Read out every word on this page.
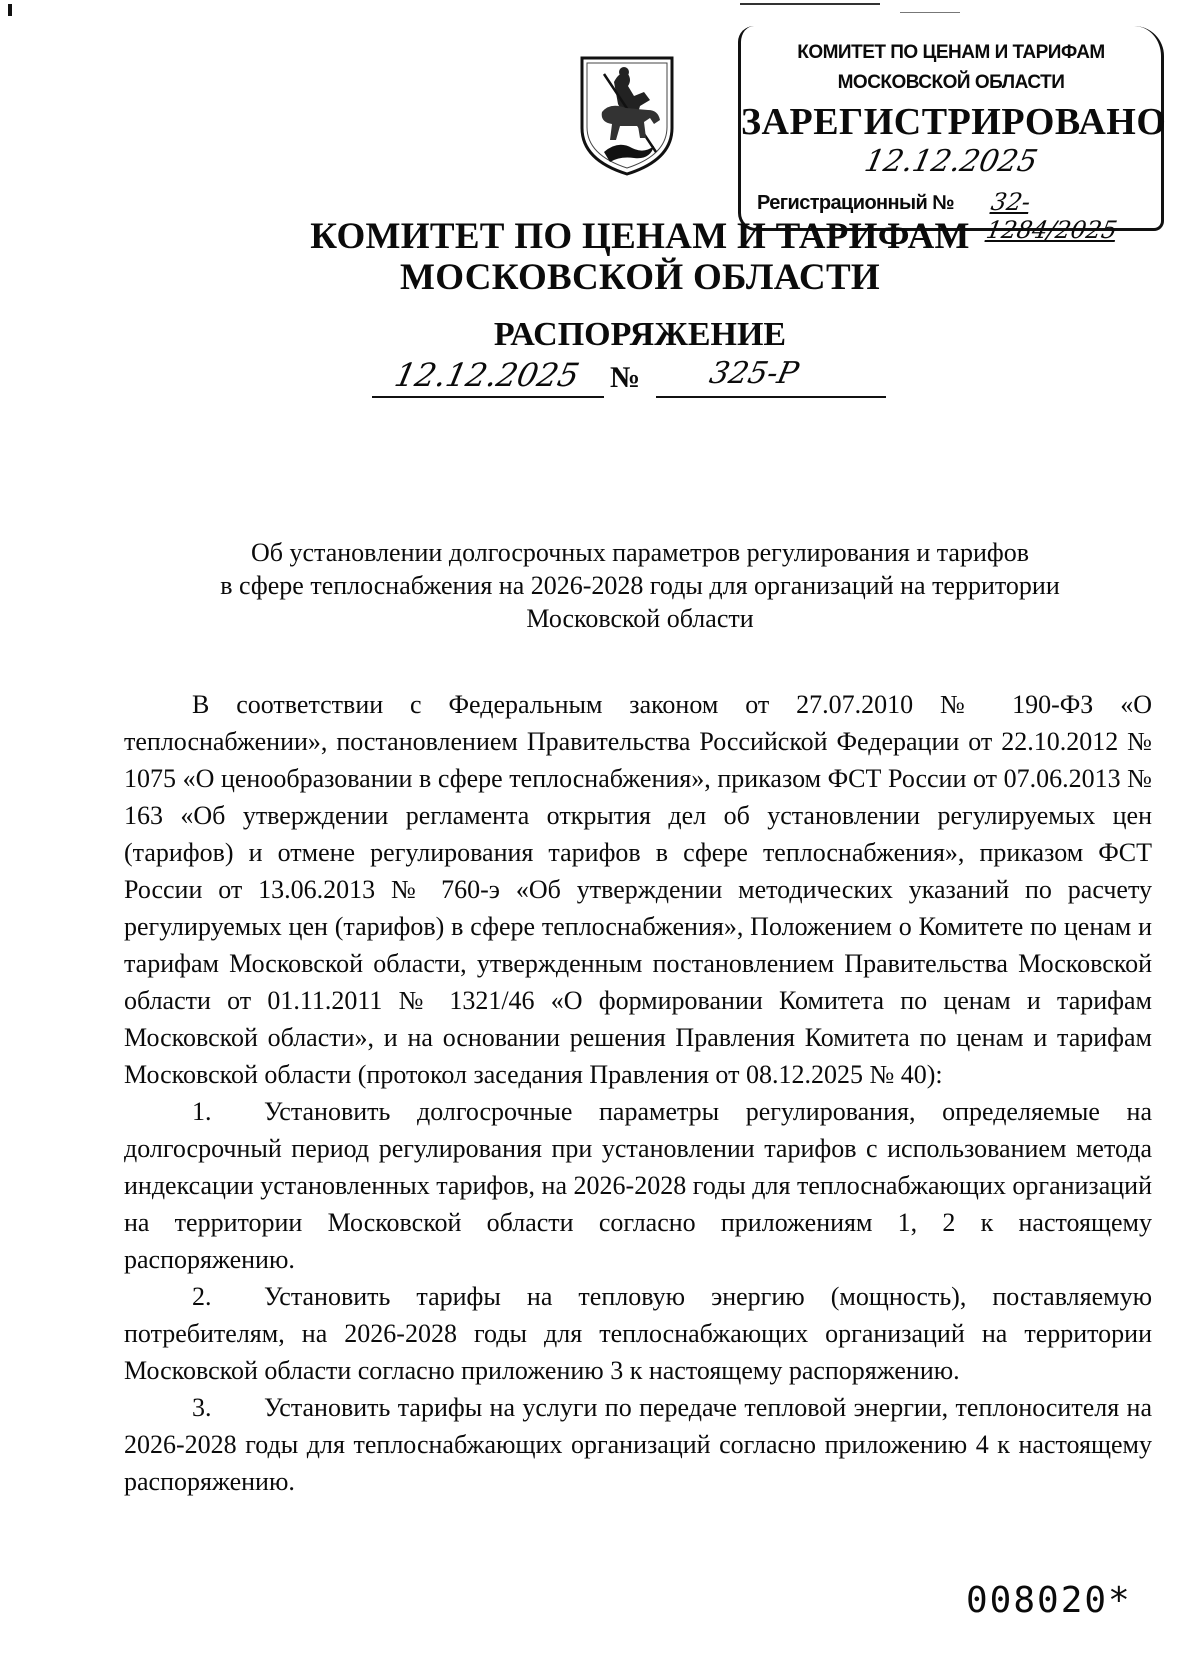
КОМИТЕТ ПО ЦЕНАМ И ТАРИФАМ
МОСКОВСКОЙ ОБЛАСТИ
ЗАРЕГИСТРИРОВАНО
12.12.2025
Регистрационный № 32-1284/2025
КОМИТЕТ ПО ЦЕНАМ И ТАРИФАМ
МОСКОВСКОЙ ОБЛАСТИ
РАСПОРЯЖЕНИЕ
12.12.2025 №	325-Р
Об установлении долгосрочных параметров регулирования и тарифов
в сфере теплоснабжения на 2026-2028 годы для организаций на территории
Московской области

В соответствии с Федеральным законом от 27.07.2010 № 190-ФЗ «О теплоснабжении», постановлением Правительства Российской Федерации от 22.10.2012 № 1075 «О ценообразовании в сфере теплоснабжения», приказом ФСТ России от 07.06.2013 № 163 «Об утверждении регламента открытия дел об установлении регулируемых цен (тарифов) и отмене регулирования тарифов в сфере теплоснабжения», приказом ФСТ России от 13.06.2013 № 760-э «Об утверждении методических указаний по расчету регулируемых цен (тарифов) в сфере теплоснабжения», Положением о Комитете по ценам и тарифам Московской области, утвержденным постановлением Правительства Московской области от 01.11.2011 № 1321/46 «О формировании Комитета по ценам и тарифам Московской области», и на основании решения Правления Комитета по ценам и тарифам Московской области (протокол заседания Правления от 08.12.2025 № 40):

1. Установить долгосрочные параметры регулирования, определяемые на долгосрочный период регулирования при установлении тарифов с использованием метода индексации установленных тарифов, на 2026-2028 годы для теплоснабжающих организаций на территории Московской области согласно приложениям 1, 2 к настоящему распоряжению.

2. Установить тарифы на тепловую энергию (мощность), поставляемую потребителям, на 2026-2028 годы для теплоснабжающих организаций на территории Московской области согласно приложению 3 к настоящему распоряжению.

3. Установить тарифы на услуги по передаче тепловой энергии, теплоносителя на 2026-2028 годы для теплоснабжающих организаций согласно приложению 4 к настоящему распоряжению.

008020*
